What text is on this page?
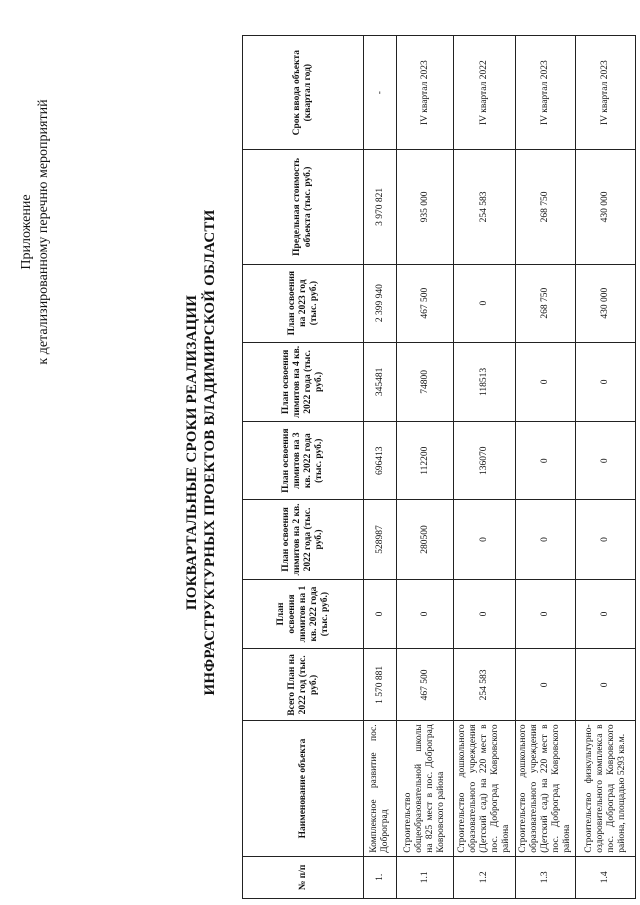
Приложение к детализированному перечню мероприятий
ПОКВАРТАЛЬНЫЕ СРОКИ РЕАЛИЗАЦИИ ИНФРАСТРУКТУРНЫХ ПРОЕКТОВ ВЛАДИМИРСКОЙ ОБЛАСТИ
№ п/п	Наименование объекта	Всего План на 2022 год (тыс. руб.)	План освоения лимитов на 1 кв. 2022 года (тыс. руб.)	План освоения лимитов на 2 кв. 2022 года (тыс. руб.)	План освоения лимитов на 3 кв. 2022 года (тыс. руб.)	План освоения лимитов на 4 кв. 2022 года (тыс. руб.)	План освоения на 2023 год (тыс. руб.)	Предельная стоимость объекта (тыс. руб.)	Срок ввода объекта (квартал год)
1.	Комплексное развитие пос. Доброград	1 570 881	0	528987	696413	345481	2 399 940	3 970 821	-
1.1	Строительство общеобразовательной школы на 825 мест в пос. Доброград Ковровского района	467 500	0	280500	112200	74800	467 500	935 000	IV квартал 2023
1.2	Строительство дошкольного образовательного учреждения (Детский сад) на 220 мест в пос. Доброград Ковровского района	254 583	0	0	136070	118513	0	254 583	IV квартал 2022
1.3	Строительство дошкольного образовательного учреждения (Детский сад) на 220 мест в пос. Доброград Ковровского района	0	0	0	0	0	268 750	268 750	IV квартал 2023
1.4	Строительство физкультурно-оздоровительного комплекса в пос. Доброград Ковровского района, площадью 5293 кв.м.	0	0	0	0	0	430 000	430 000	IV квартал 2023
